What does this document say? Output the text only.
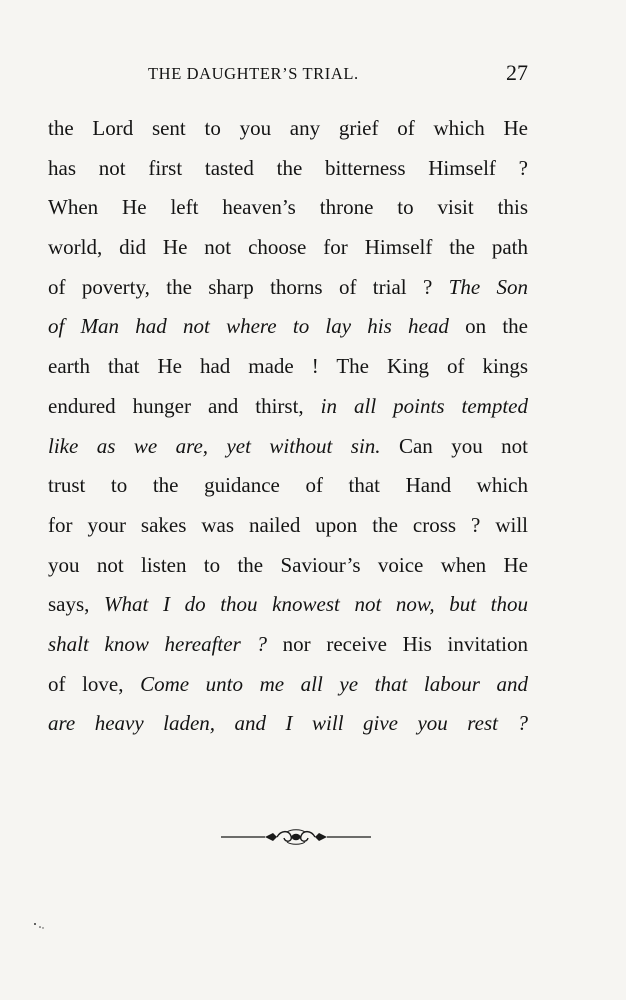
THE DAUGHTER’S TRIAL.	27
the Lord sent to you any grief of which He
has not first tasted the bitterness Himself ?
When He left heaven’s throne to visit this
world, did He not choose for Himself the path
of poverty, the sharp thorns of trial ? The Son
of Man had not where to lay his head on the
earth that He had made ! The King of kings
endured hunger and thirst, in all points tempted
like as we are, yet without sin. Can you not
trust to the guidance of that Hand which
for your sakes was nailed upon the cross ? will
you not listen to the Saviour’s voice when He
says, What I do thou knowest not now, but thou
shalt know hereafter ? nor receive His invitation
of love, Come unto me all ye that labour and
are heavy laden, and I will give you rest ?
